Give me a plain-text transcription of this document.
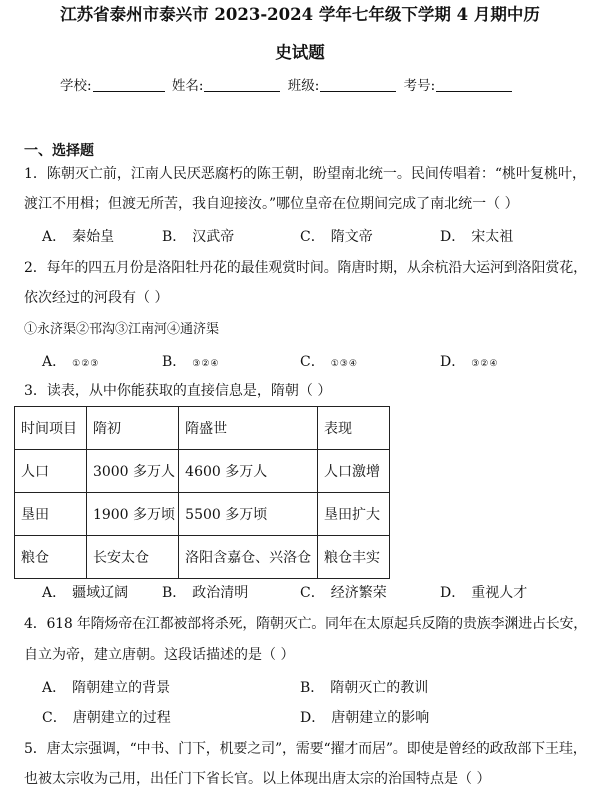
江苏省泰州市泰兴市 2023-2024 学年七年级下学期 4 月期中历
史试题
学校:	姓名:	班级:	考号:
一、选择题
1．陈朝灭亡前，江南人民厌恶腐朽的陈王朝，盼望南北统一。民间传唱着：“桃叶复桃叶，
渡江不用楫；但渡无所苦，我自迎接汝。”哪位皇帝在位期间完成了南北统一（ ）
A． 秦始皇	B． 汉武帝	C． 隋文帝	D． 宋太祖
2．每年的四五月份是洛阳牡丹花的最佳观赏时间。隋唐时期，从余杭沿大运河到洛阳赏花，
依次经过的河段有（ ）
①永济渠②邗沟③江南河④通济渠
A． ①②③	B． ③②④	C． ①③④	D． ③②④
3．读表，从中你能获取的直接信息是，隋朝（ ）
时间项目	隋初	隋盛世	表现
人口	3000 多万人	4600 多万人	人口激增
垦田	1900 多万顷	5500 多万顷	垦田扩大
粮仓	长安太仓	洛阳含嘉仓、兴洛仓	粮仓丰实
A． 疆域辽阔 B． 政治清明	C． 经济繁荣	D． 重视人才
4．618 年隋炀帝在江都被部将杀死，隋朝灭亡。同年在太原起兵反隋的贵族李渊进占长安，
自立为帝，建立唐朝。这段话描述的是（ ）
A． 隋朝建立的背景	B． 隋朝灭亡的教训
C． 唐朝建立的过程	D． 唐朝建立的影响
5．唐太宗强调，“中书、门下，机要之司”，需要“擢才而居”。即使是曾经的政敌部下王珪，
也被太宗收为己用，出任门下省长官。以上体现出唐太宗的治国特点是（ ）
